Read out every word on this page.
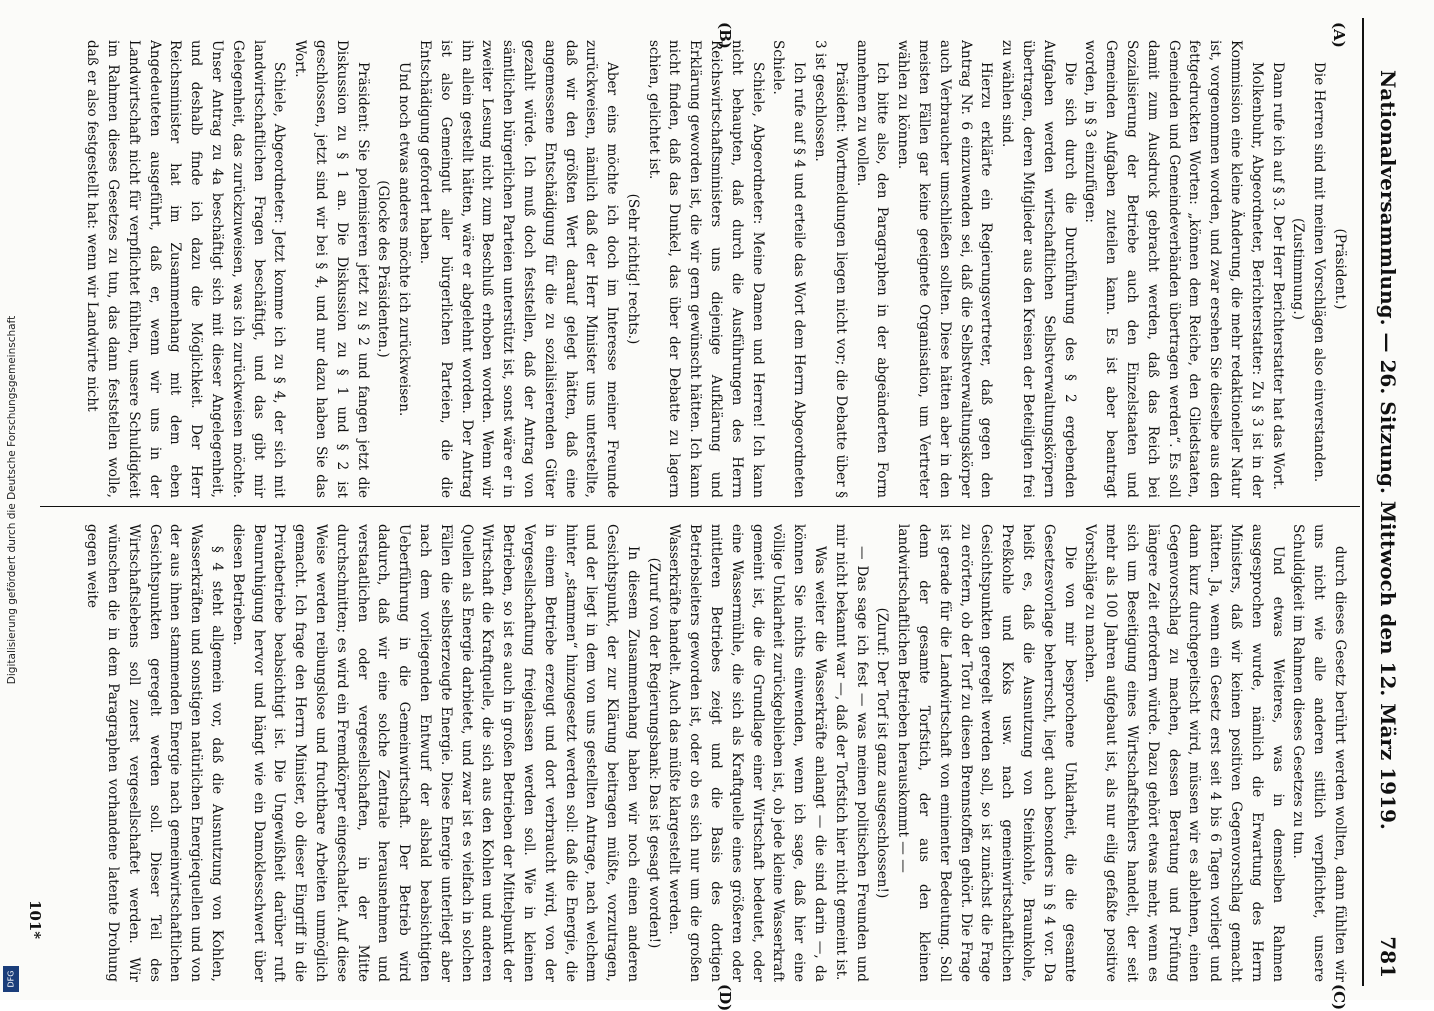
Nationalversammlung. — 26. Sitzung. Mittwoch den 12. März 1919.
781
(A)
(B)
(C)
(D)

(Präsident.)

Die Herren sind mit meinen Vorschlägen also einverstanden.

(Zustimmung.)

Dann rufe ich auf § 3. Der Herr Berichterstatter hat das Wort.

Molkenbuhr, Abgeordneter, Berichterstatter: Zu § 3 ist in der Kommission eine kleine Änderung, die mehr redaktioneller Natur ist, vorgenommen worden, und zwar ersehen Sie dieselbe aus den fettgedruckten Worten: „können dem Reiche, den Gliedstaaten, Gemeinden und Gemeindeverbänden übertragen werden“. Es soll damit zum Ausdruck gebracht werden, daß das Reich bei Sozialisierung der Betriebe auch den Einzelstaaten und Gemeinden Aufgaben zuteilen kann. Es ist aber beantragt worden, in § 3 einzufügen:

Die sich durch die Durchführung des § 2 ergebenden Aufgaben werden wirtschaftlichen Selbstverwaltungskörpern übertragen, deren Mitglieder aus den Kreisen der Beteiligten frei zu wählen sind.

Hierzu erklärte ein Regierungsvertreter, daß gegen den Antrag Nr. 6 einzuwenden sei, daß die Selbstverwaltungskörper auch Verbraucher umschließen sollten. Diese hätten aber in den meisten Fällen gar keine geeignete Organisation, um Vertreter wählen zu können.

Ich bitte also, den Paragraphen in der abgeänderten Form annehmen zu wollen.

Präsident: Wortmeldungen liegen nicht vor; die Debatte über § 3 ist geschlossen.

Ich rufe auf § 4 und erteile das Wort dem Herrn Abgeordneten Schiele.

Schiele, Abgeordneter: Meine Damen und Herren! Ich kann nicht behaupten, daß durch die Ausführungen des Herrn Reichswirtschaftsministers uns diejenige Aufklärung und Erklärung geworden ist, die wir gern gewünscht hätten. Ich kann nicht finden, daß das Dunkel, das über der Debatte zu lagern schien, gelichtet ist.

(Sehr richtig! rechts.)

Aber eins möchte ich doch im Interesse meiner Freunde zurückweisen, nämlich daß der Herr Minister uns unterstellte, daß wir den größten Wert darauf gelegt hätten, daß eine angemessene Entschädigung für die zu sozialisierenden Güter gezahlt würde. Ich muß doch feststellen, daß der Antrag von sämtlichen bürgerlichen Parteien unterstützt ist, sonst wäre er in zweiter Lesung nicht zum Beschluß erhoben worden. Wenn wir ihn allein gestellt hätten, wäre er abgelehnt worden. Der Antrag ist also Gemeingut aller bürgerlichen Parteien, die die Entschädigung gefordert haben.

Und noch etwas anderes möchte ich zurückweisen.

(Glocke des Präsidenten.)

Präsident: Sie polemisieren jetzt zu § 2 und fangen jetzt die Diskussion zu § 1 an. Die Diskussion zu § 1 und § 2 ist geschlossen, jetzt sind wir bei § 4, und nur dazu haben Sie das Wort.

Schiele, Abgeordneter: Jetzt komme ich zu § 4, der sich mit landwirtschaftlichen Fragen beschäftigt, und das gibt mir Gelegenheit, das zurückzuweisen, was ich zurückweisen möchte. Unser Antrag zu 4a beschäftigt sich mit dieser Angelegenheit, und deshalb finde ich dazu die Möglichkeit. Der Herr Reichsminister hat im Zusammenhang mit dem eben Angedeuteten ausgeführt, daß er, wenn wir uns in der Landwirtschaft nicht für verpflichtet fühlten, unsere Schuldigkeit im Rahmen dieses Gesetzes zu tun, das dann feststellen wolle, daß er also festgestellt hat: wenn wir Landwirte nicht

durch dieses Gesetz berührt werden wollten, dann fühlten wir uns nicht wie alle anderen sittlich verpflichtet, unsere Schuldigkeit im Rahmen dieses Gesetzes zu tun.

Und etwas Weiteres, was in demselben Rahmen ausgesprochen wurde, nämlich die Erwartung des Herrn Ministers, daß wir keinen positiven Gegenvorschlag gemacht hätten. Ja, wenn ein Gesetz erst seit 4 bis 6 Tagen vorliegt und dann kurz durchgepeitscht wird, müssen wir es ablehnen, einen Gegenvorschlag zu machen, dessen Beratung und Prüfung längere Zeit erfordern würde. Dazu gehört etwas mehr, wenn es sich um Beseitigung eines Wirtschaftsfehlers handelt, der seit mehr als 100 Jahren aufgebaut ist, als nur eilig gefaßte positive Vorschläge zu machen.

Die von mir besprochene Unklarheit, die die gesamte Gesetzesvorlage beherrscht, liegt auch besonders in § 4 vor. Da heißt es, daß die Ausnutzung von Steinkohle, Braunkohle, Preßkohle und Koks usw. nach gemeinwirtschaftlichen Gesichtspunkten geregelt werden soll, so ist zunächst die Frage zu erörtern, ob der Torf zu diesen Brennstoffen gehört. Die Frage ist gerade für die Landwirtschaft von eminenter Bedeutung. Soll denn der gesamte Torfstich, der aus den kleinen landwirtschaftlichen Betrieben herauskommt — —

(Zuruf: Der Torf ist ganz ausgeschlossen!)

— Das sage ich fest — was meinen politischen Freunden und mir nicht bekannt war —, daß der Torfstich hier nicht gemeint ist.

Was weiter die Wasserkräfte anlangt — die sind darin —, da können Sie nichts einwenden, wenn ich sage, daß hier eine völlige Unklarheit zurückgeblieben ist, ob jede kleine Wasserkraft gemeint ist, die die Grundlage einer Wirtschaft bedeutet, oder eine Wassermühle, die sich als Kraftquelle eines größeren oder mittleren Betriebes zeigt und die Basis des dortigen Betriebsleiters geworden ist, oder ob es sich nur um die großen Wasserkräfte handelt. Auch das müßte klargestellt werden.

(Zuruf von der Regierungsbank: Das ist gesagt worden!)

In diesem Zusammenhang haben wir noch einen anderen Gesichtspunkt, der zur Klärung beitragen müßte, vorzutragen, und der liegt in dem von uns gestellten Antrage, nach welchem hinter „stammen“ hinzugesetzt werden soll: daß die Energie, die in einem Betriebe erzeugt und dort verbraucht wird, von der Vergesellschaftung freigelassen werden soll. Wie in kleinen Betrieben, so ist es auch in großen Betrieben der Mittelpunkt der Wirtschaft die Kraftquelle, die sich aus den Kohlen und anderen Quellen als Energie darbietet, und zwar ist es vielfach in solchen Fällen die selbsterzeugte Energie. Diese Energie unterliegt aber nach dem vorliegenden Entwurf der alsbald beabsichtigten Ueberführung in die Gemeinwirtschaft. Der Betrieb wird dadurch, daß wir eine solche Zentrale herausnehmen und verstaatlichen oder vergesellschaften, in der Mitte durchschnitten; es wird ein Fremdkörper eingeschaltet. Auf diese Weise werden reibungslose und fruchtbare Arbeiten unmöglich gemacht. Ich frage den Herrn Minister, ob dieser Eingriff in die Privatbetriebe beabsichtigt ist. Die Ungewißheit darüber ruft Beunruhigung hervor und hängt wie ein Damoklesschwert über diesen Betrieben.

§ 4 steht allgemein vor, daß die Ausnutzung von Kohlen, Wasserkräften und sonstigen natürlichen Energiequellen und von der aus ihnen stammenden Energie nach gemeinwirtschaftlichen Gesichtspunkten geregelt werden soll. Dieser Teil des Wirtschaftslebens soll zuerst vergesellschaftet werden. Wir wünschen die in dem Paragraphen vorhandene latente Drohung gegen weite

101*
Digitalisierung gefördert durch die Deutsche Forschungsgemeinschaft
DFG
